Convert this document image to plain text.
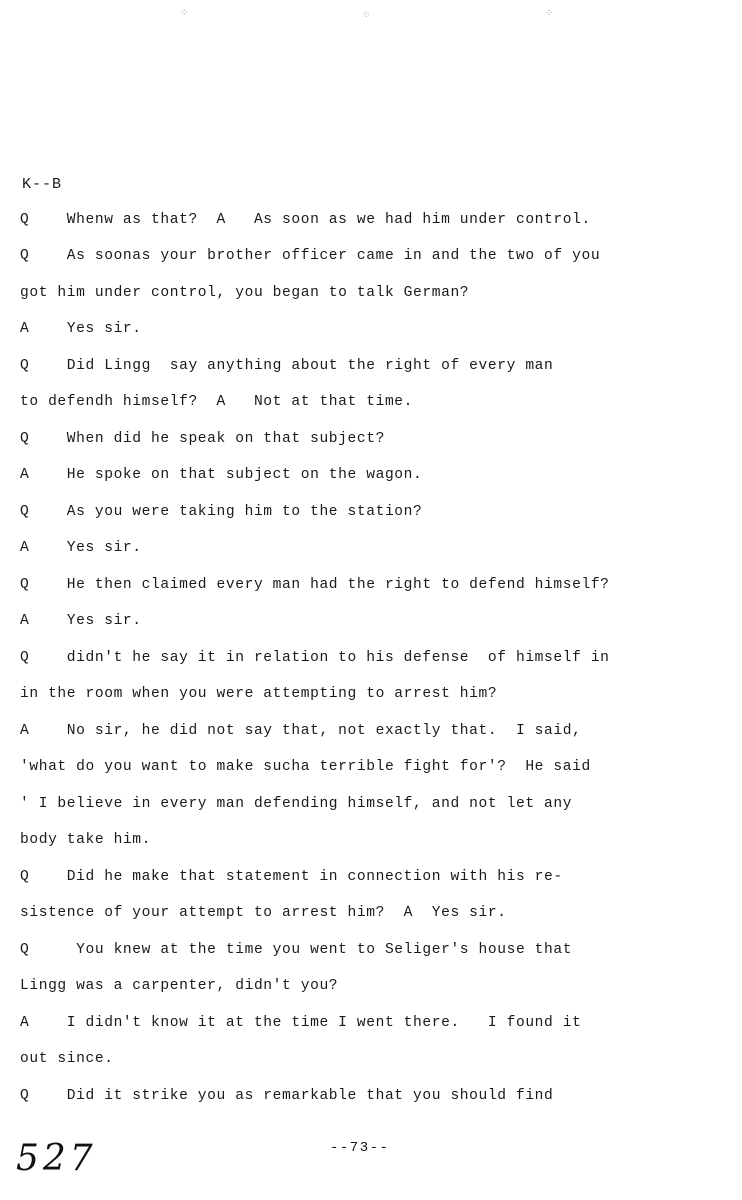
⁘	⁘	⁘
K--B
Q    Whenw as that?  A   As soon as we had him under control.
Q    As soonas your brother officer came in and the two of you
got him under control, you began to talk German?
A    Yes sir.
Q    Did Lingg  say anything about the right of every man
to defendh himself?  A   Not at that time.
Q    When did he speak on that subject?
A    He spoke on that subject on the wagon.
Q    As you were taking him to the station?
A    Yes sir.
Q    He then claimed every man had the right to defend himself?
A    Yes sir.
Q    didn't he say it in relation to his defense  of himself in
in the room when you were attempting to arrest him?
A    No sir, he did not say that, not exactly that.  I said,
'what do you want to make sucha terrible fight for'?  He said
' I believe in every man defending himself, and not let any
body take him.
Q    Did he make that statement in connection with his re-
sistence of your attempt to arrest him?  A  Yes sir.
Q     You knew at the time you went to Seliger's house that
Lingg was a carpenter, didn't you?
A    I didn't know it at the time I went there.   I found it
out since.
Q    Did it strike you as remarkable that you should find
527	--73--
